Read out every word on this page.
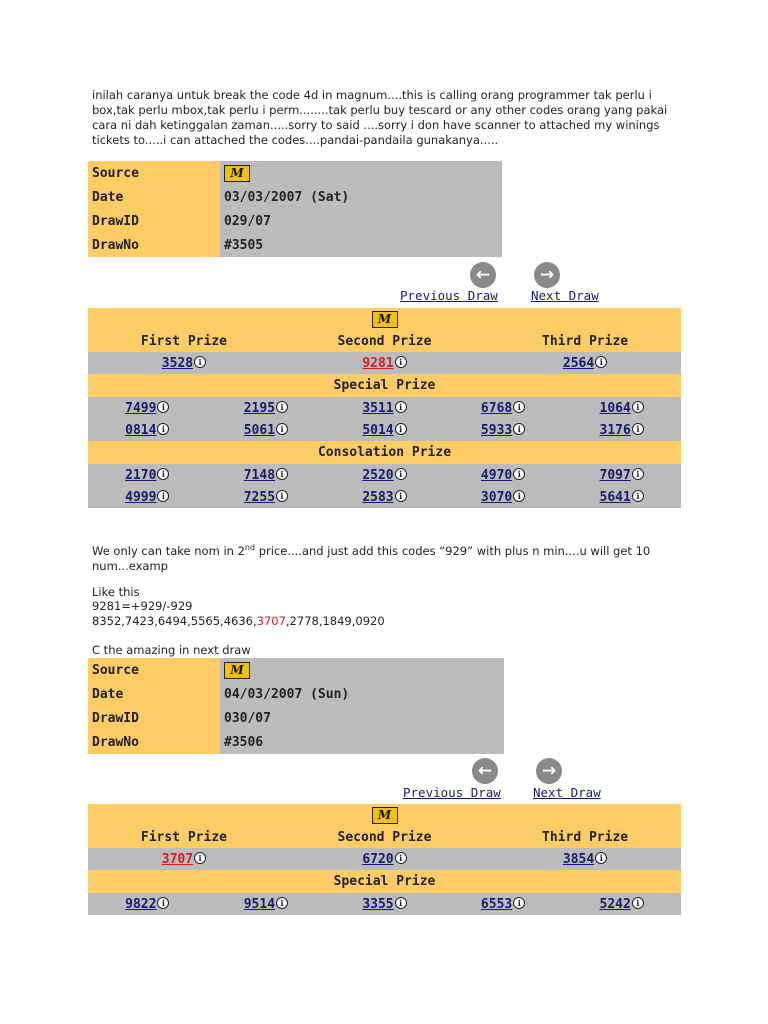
inilah caranya untuk break the code 4d in magnum....this is calling orang programmer tak perlu i box,tak perlu mbox,tak perlu i perm........tak perlu buy tescard or any other codes orang yang pakai cara ni dah ketinggalan zaman.....sorry to said ....sorry i don have scanner to attached my winings tickets to.....i can attached the codes....pandai-pandaila gunakanya.....
Source	M
Date	03/03/2007 (Sat)
DrawID	029/07
DrawNo	#3505
←	→
Previous Draw	Next Draw
M
First Prize	Second Prize	Third Prize
3528 i	9281 i	2564 i
Special Prize

7499 i	2195 i	3511 i	6768 i	1064 i
0814 i	5061 i	5014 i	5933 i	3176 i

Consolation Prize

2170 i	7148 i	2520 i	4970 i	7097 i
4999 i	7255 i	2583 i	3070 i	5641 i
We only can take nom in 2nd price....and just add this codes “929” with plus n min....u will get 10 num...examp
Like this
9281=+929/-929
8352,7423,6494,5565,4636,3707,2778,1849,0920
C the amazing in next draw
Source	M
Date	04/03/2007 (Sun)
DrawID	030/07
DrawNo	#3506
←	→
Previous Draw	Next Draw
M
First Prize	Second Prize	Third Prize
3707 i	6720 i	3854 i
Special Prize

9822 i	9514 i	3355 i	6553 i	5242 i
